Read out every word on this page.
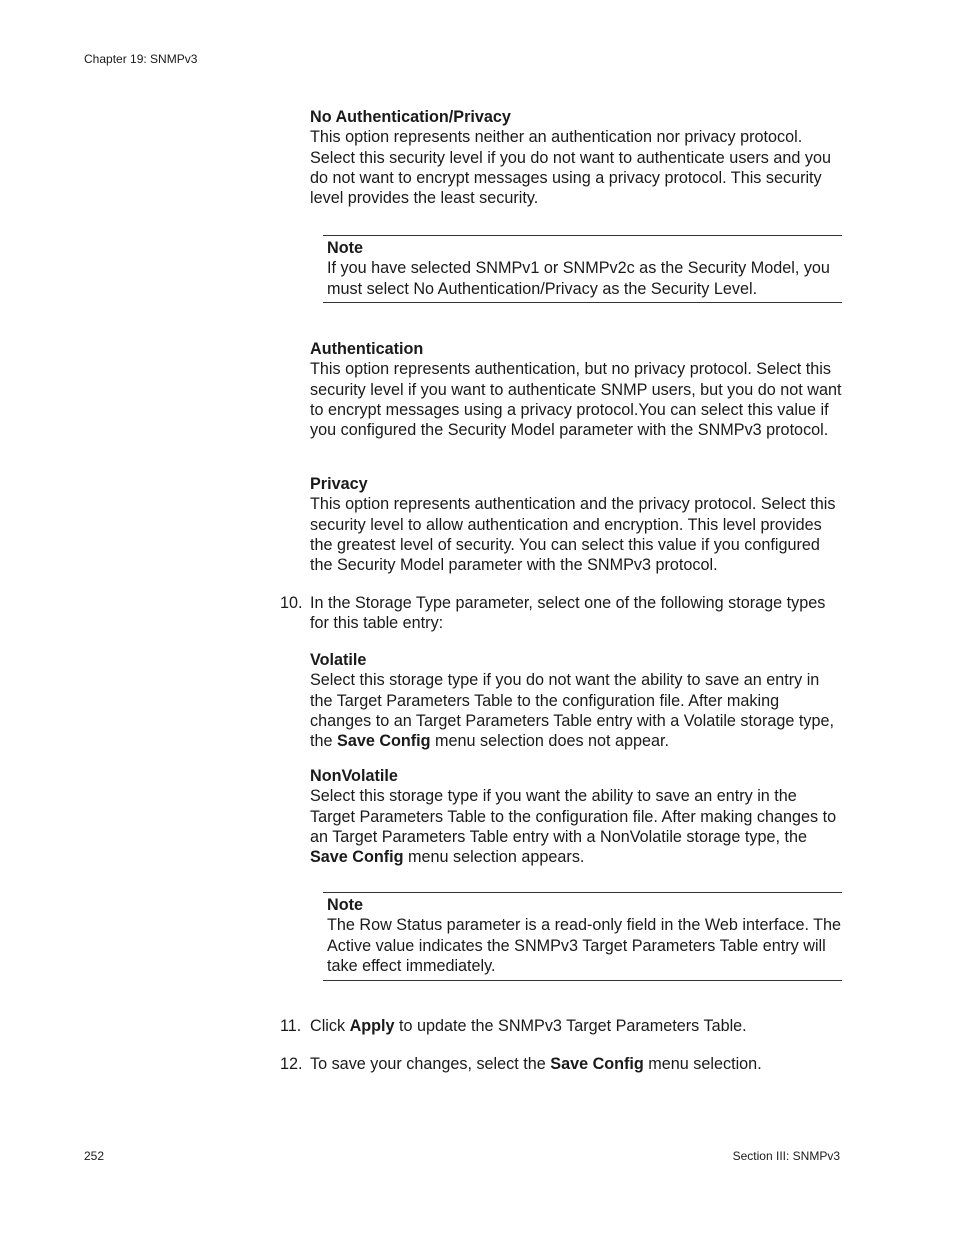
Chapter 19: SNMPv3
No Authentication/Privacy

This option represents neither an authentication nor privacy protocol. Select this security level if you do not want to authenticate users and you do not want to encrypt messages using a privacy protocol. This security level provides the least security.

Note

If you have selected SNMPv1 or SNMPv2c as the Security Model, you must select No Authentication/Privacy as the Security Level.

Authentication

This option represents authentication, but no privacy protocol. Select this security level if you want to authenticate SNMP users, but you do not want to encrypt messages using a privacy protocol.You can select this value if you configured the Security Model parameter with the SNMPv3 protocol.

Privacy

This option represents authentication and the privacy protocol. Select this security level to allow authentication and encryption. This level provides the greatest level of security. You can select this value if you configured the Security Model parameter with the SNMPv3 protocol.

10. In the Storage Type parameter, select one of the following storage types for this table entry:
Volatile

Select this storage type if you do not want the ability to save an entry in the Target Parameters Table to the configuration file. After making changes to an Target Parameters Table entry with a Volatile storage type, the Save Config menu selection does not appear.

NonVolatile

Select this storage type if you want the ability to save an entry in the Target Parameters Table to the configuration file. After making changes to an Target Parameters Table entry with a NonVolatile storage type, the Save Config menu selection appears.

Note

The Row Status parameter is a read-only field in the Web interface. The Active value indicates the SNMPv3 Target Parameters Table entry will take effect immediately.

11. Click Apply to update the SNMPv3 Target Parameters Table.
12. To save your changes, select the Save Config menu selection.
252	Section III: SNMPv3
